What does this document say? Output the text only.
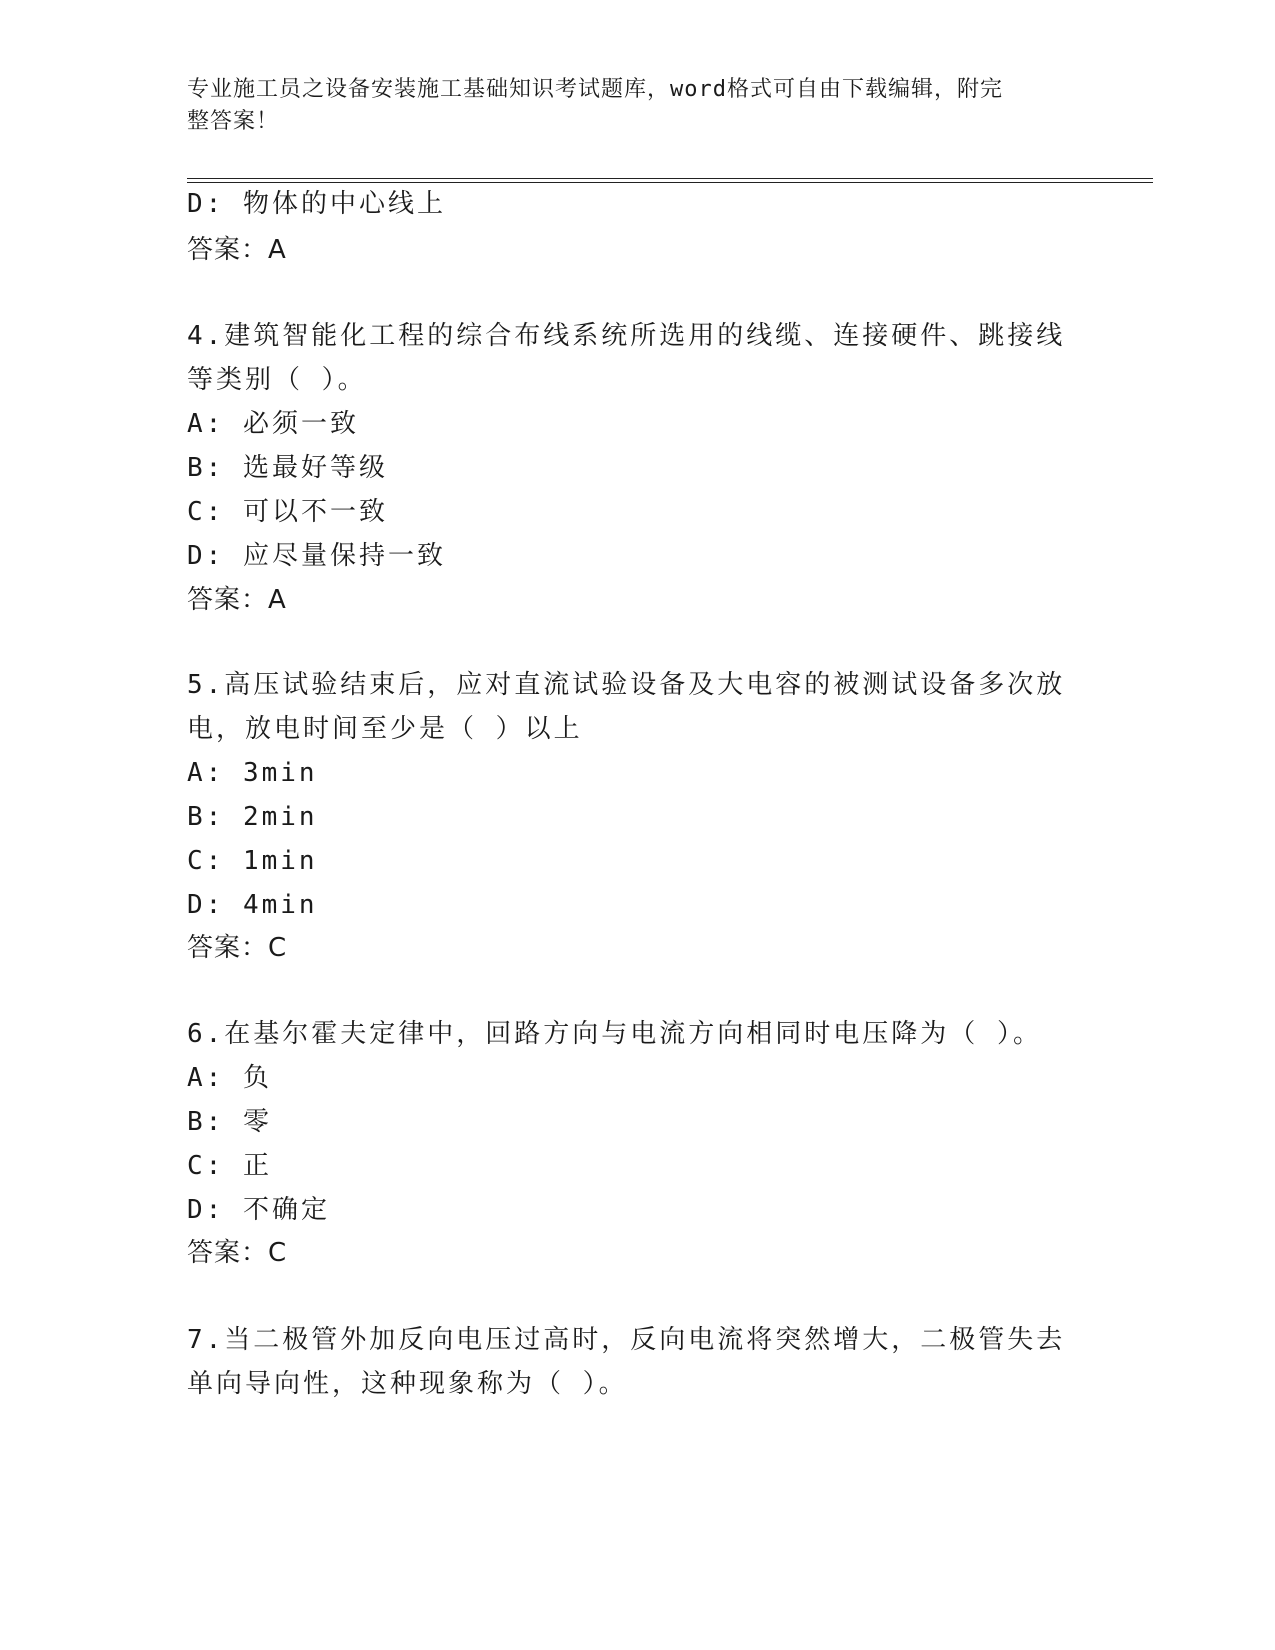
专业施工员之设备安装施工基础知识考试题库，word格式可自由下载编辑，附完
整答案！
D: 物体的中心线上
答案：A
4.建筑智能化工程的综合布线系统所选用的线缆、连接硬件、跳接线
等类别（ ）。
A: 必须一致
B: 选最好等级
C: 可以不一致
D: 应尽量保持一致
答案：A
5.高压试验结束后，应对直流试验设备及大电容的被测试设备多次放
电，放电时间至少是（ ）以上
A: 3min
B: 2min
C: 1min
D: 4min
答案：C
6.在基尔霍夫定律中，回路方向与电流方向相同时电压降为（ ）。
A: 负
B: 零
C: 正
D: 不确定
答案：C
7.当二极管外加反向电压过高时，反向电流将突然增大，二极管失去
单向导向性，这种现象称为（ ）。
